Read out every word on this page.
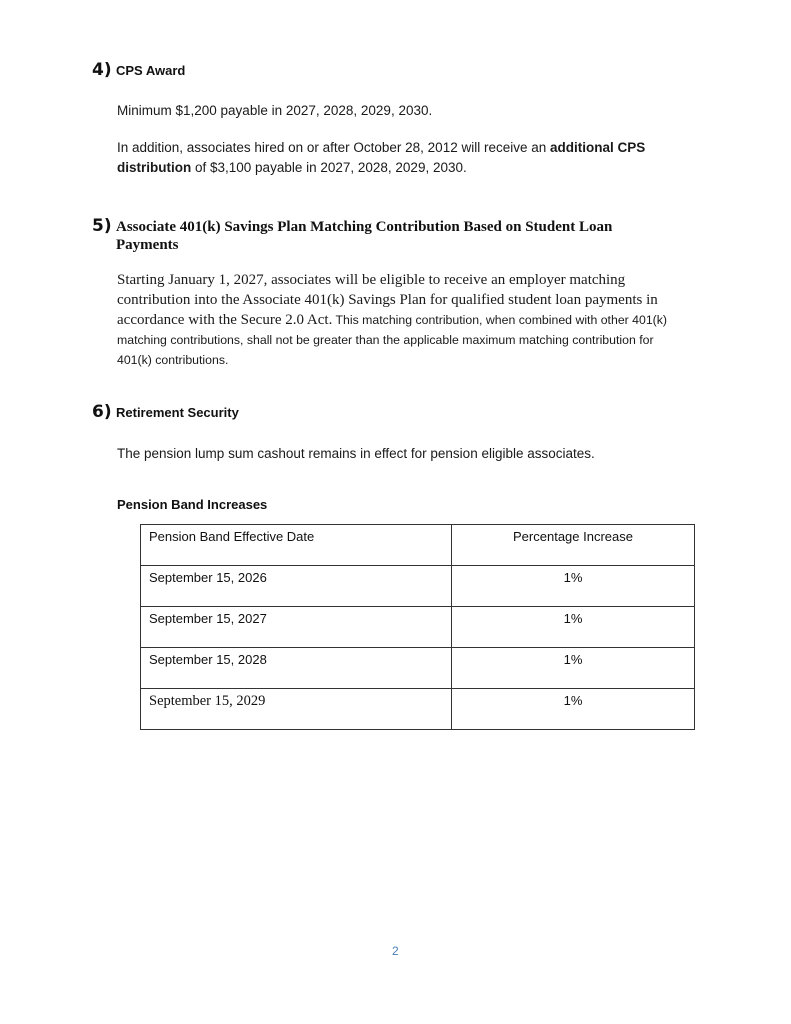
4) CPS Award
Minimum $1,200 payable in 2027, 2028, 2029, 2030.
In addition, associates hired on or after October 28, 2012 will receive an additional CPS distribution of $3,100 payable in 2027, 2028, 2029, 2030.
5) Associate 401(k) Savings Plan Matching Contribution Based on Student Loan Payments
Starting January 1, 2027, associates will be eligible to receive an employer matching contribution into the Associate 401(k) Savings Plan for qualified student loan payments in accordance with the Secure 2.0 Act. This matching contribution, when combined with other 401(k) matching contributions, shall not be greater than the applicable maximum matching contribution for 401(k) contributions.
6) Retirement Security
The pension lump sum cashout remains in effect for pension eligible associates.
Pension Band Increases
Pension Band Effective Date	Percentage Increase
September 15, 2026	1%
September 15, 2027	1%
September 15, 2028	1%
September 15, 2029	1%
2
